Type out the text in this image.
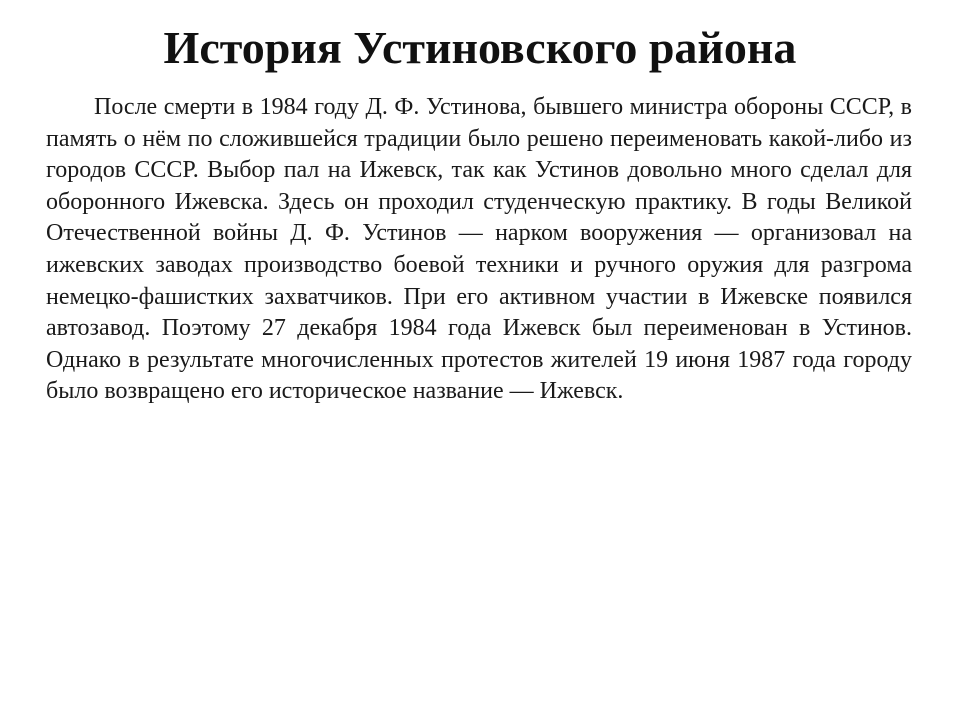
История Устиновского района

После смерти в 1984 году Д. Ф. Устинова, бывшего министра обороны СССР, в память о нём по сложившейся традиции было решено переименовать какой-либо из городов СССР. Выбор пал на Ижевск, так как Устинов довольно много сделал для оборонного Ижевска. Здесь он проходил студенческую практику. В годы Великой Отечественной войны Д. Ф. Устинов — нарком вооружения — организовал на ижевских заводах производство боевой техники и ручного оружия для разгрома немецко-фашистких захватчиков. При его активном участии в Ижевске появился автозавод. Поэтому 27 декабря 1984 года Ижевск был переименован в Устинов. Однако в результате многочисленных протестов жителей 19 июня 1987 года городу было возвращено его историческое название — Ижевск.
